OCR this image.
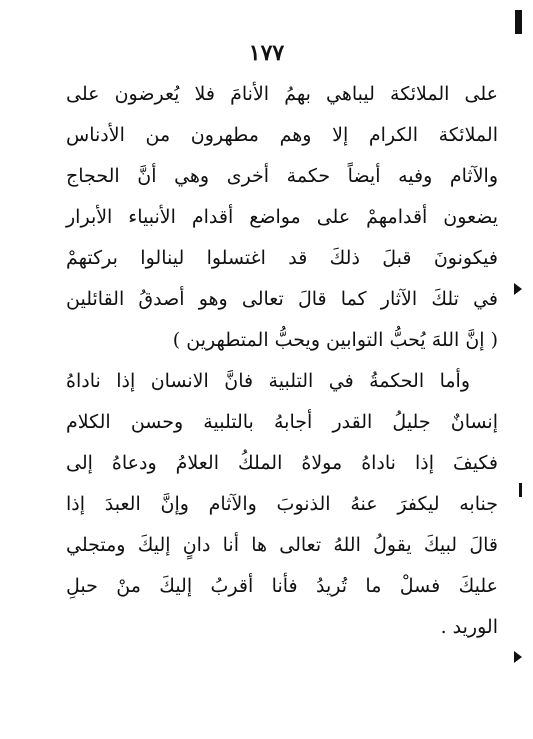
١٧٧
على الملائكة ليباهي بهمُ الأنامَ فلا يُعرضون على
الملائكة الكرام إلا وهم مطهرون من الأدناس
والآثام وفيه أيضاً حكمة أخرى وهي أنَّ الحجاج
يضعون أقدامهمْ على مواضع أقدام الأنبياء الأبرار
فيكونونَ قبلَ ذلكَ قد اغتسلوا لينالوا بركتهمْ
في تلكَ الآثار كما قالَ تعالى وهو أصدقُ القائلين
( إنَّ اللهَ يُحبُّ التوابين ويحبُّ المتطهرين )
وأما الحكمةُ في التلبية فانَّ الانسان إذا ناداهُ
إنسانٌ جليلُ القدر أجابهُ بالتلبية وحسن الكلام
فكيفَ إذا ناداهُ مولاهُ الملكُ العلامُ ودعاهُ إلى
جنابه ليكفرَ عنهُ الذنوبَ والآثام وإنَّ العبدَ إذا
قالَ لبيكَ يقولُ اللهُ تعالى ها أنا دانٍ إليكَ ومتجلي
عليكَ فسلْ ما تُريدُ فأنا أقربُ إليكَ منْ حبلِ
الوريد .
